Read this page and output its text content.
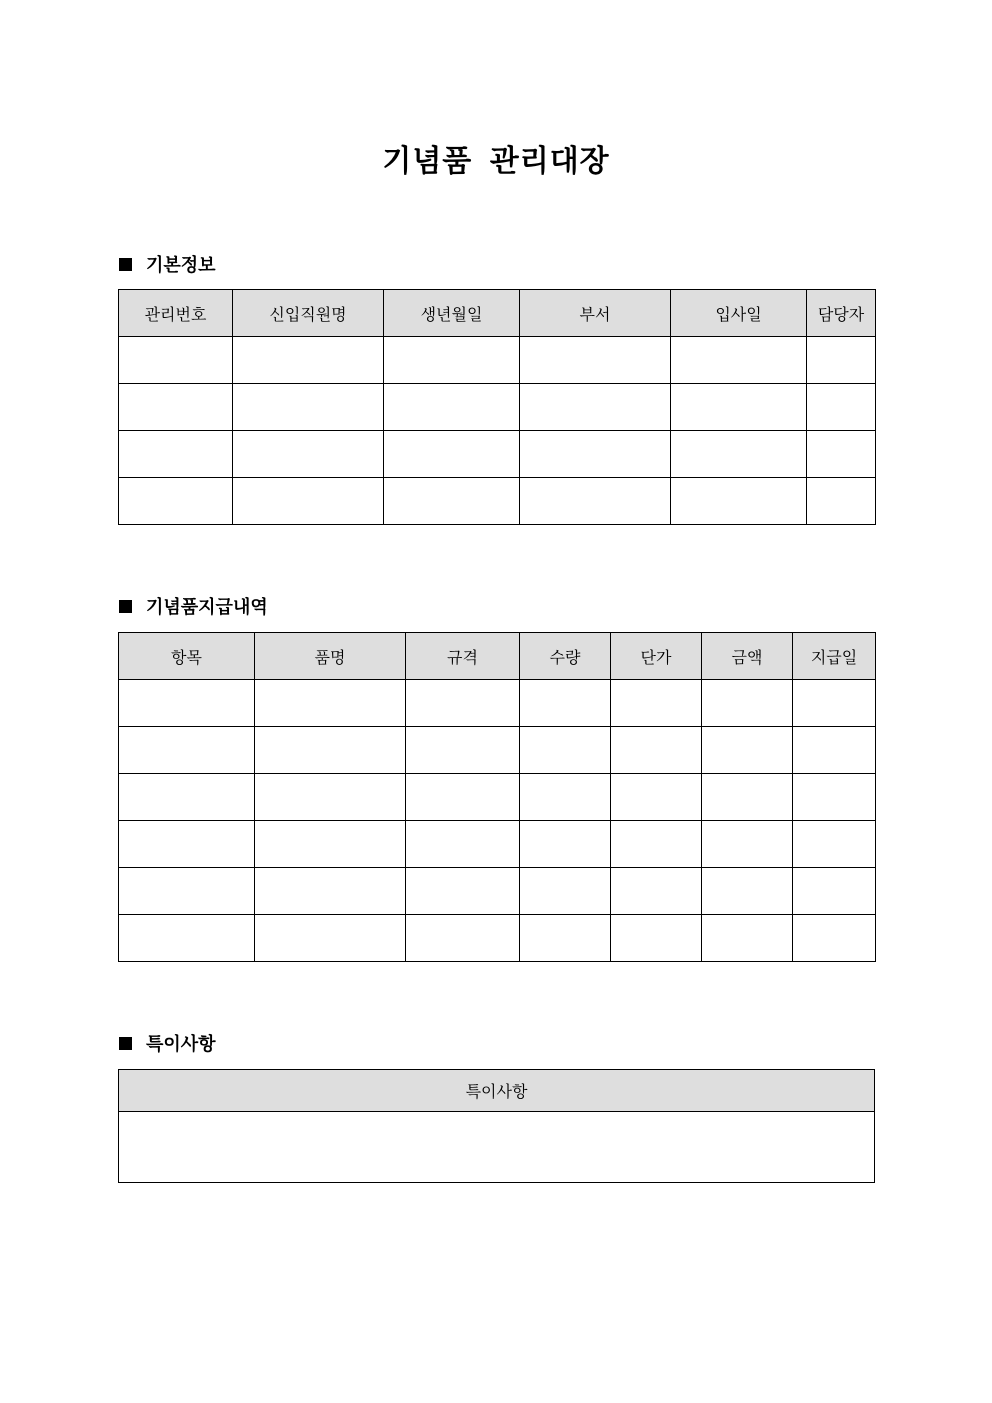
기념품 관리대장
기본정보
관리번호	신입직원명	생년월일	부서	입사일	담당자

기념품지급내역
항목	품명	규격	수량	단가	금액	지급일

특이사항
특이사항
